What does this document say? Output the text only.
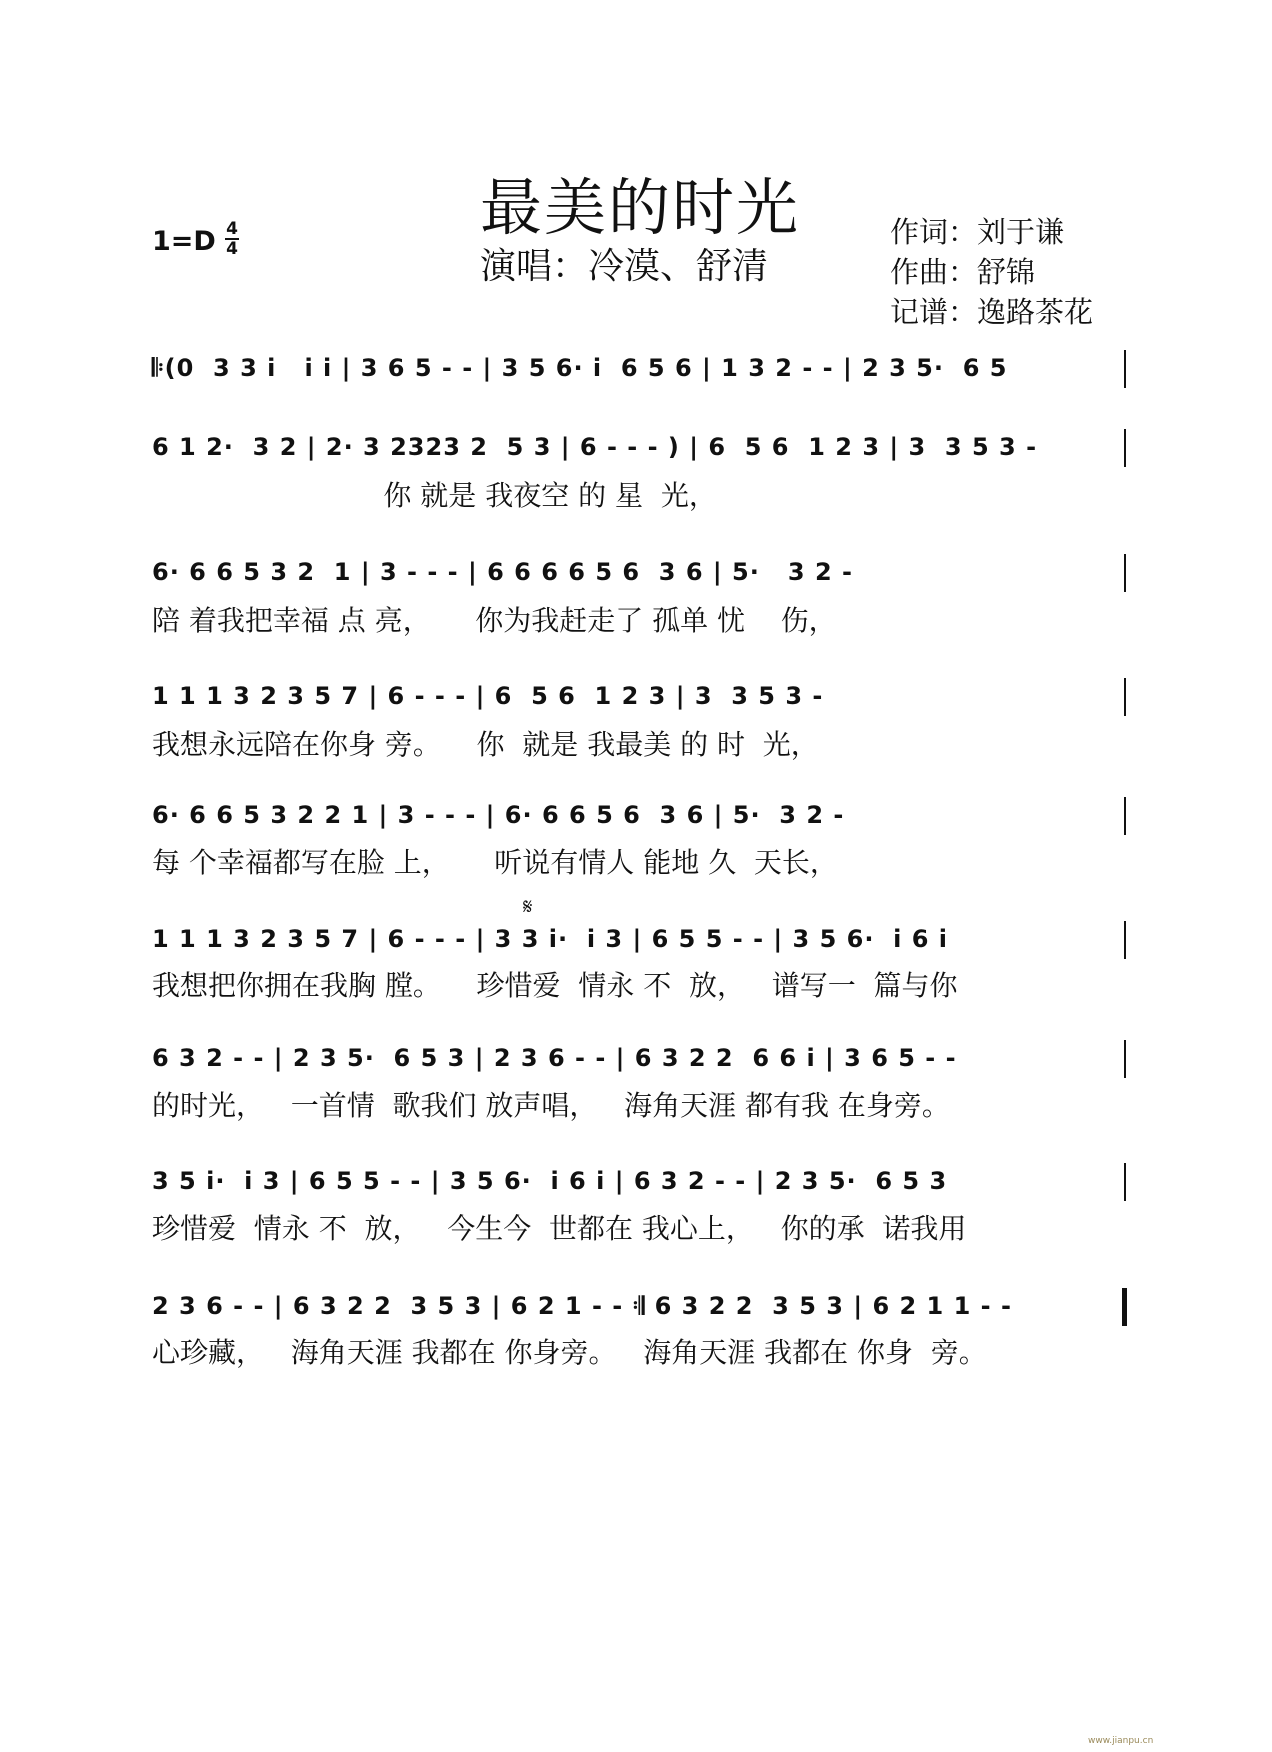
最美的时光
演唱：冷漠、舒清
1=D 4
4	作词：刘于谦
作曲：舒锦
记谱：逸路茶花
𝄋
𝄆(0  3 3 i   i i | 3 6 5 - - | 3 5 6· i  6 5 6 | 1 3 2 - - | 2 3 5·  6 5
6 1 2·  3 2 | 2· 3 2323 2  5 3 | 6 - - - ) | 6  5 6  1 2 3 | 3  3 5 3 -
你 就是 我夜空 的 星  光，
6· 6 6 5 3 2  1 | 3 - - - | 6 6 6 6 5 6  3 6 | 5·   3 2 -
陪 着我把幸福 点 亮，     你为我赶走了 孤单 忧    伤，
1 1 1 3 2 3 5 7 | 6 - - - | 6  5 6  1 2 3 | 3  3 5 3 -
我想永远陪在你身 旁。    你  就是 我最美 的 时  光，
6· 6 6 5 3 2 2 1 | 3 - - - | 6· 6 6 5 6  3 6 | 5·  3 2 -
每 个幸福都写在脸 上，     听说有情人 能地 久  天长，
1 1 1 3 2 3 5 7 | 6 - - - | 3 3 i·  i 3 | 6 5 5 - - | 3 5 6·  i 6 i
我想把你拥在我胸 膛。    珍惜爱  情永 不  放，   谱写一  篇与你
6 3 2 - - | 2 3 5·  6 5 3 | 2 3 6 - - | 6 3 2 2  6 6 i | 3 6 5 - -
的时光，   一首情  歌我们 放声唱，   海角天涯 都有我 在身旁。
3 5 i·  i 3 | 6 5 5 - - | 3 5 6·  i 6 i | 6 3 2 - - | 2 3 5·  6 5 3
珍惜爱  情永 不  放，   今生今  世都在 我心上，   你的承  诺我用
2 3 6 - - | 6 3 2 2  3 5 3 | 6 2 1 - - 𝄇 6 3 2 2  3 5 3 | 6 2 1 1 - -
心珍藏，   海角天涯 我都在 你身旁。   海角天涯 我都在 你身  旁。
www.jianpu.cn
